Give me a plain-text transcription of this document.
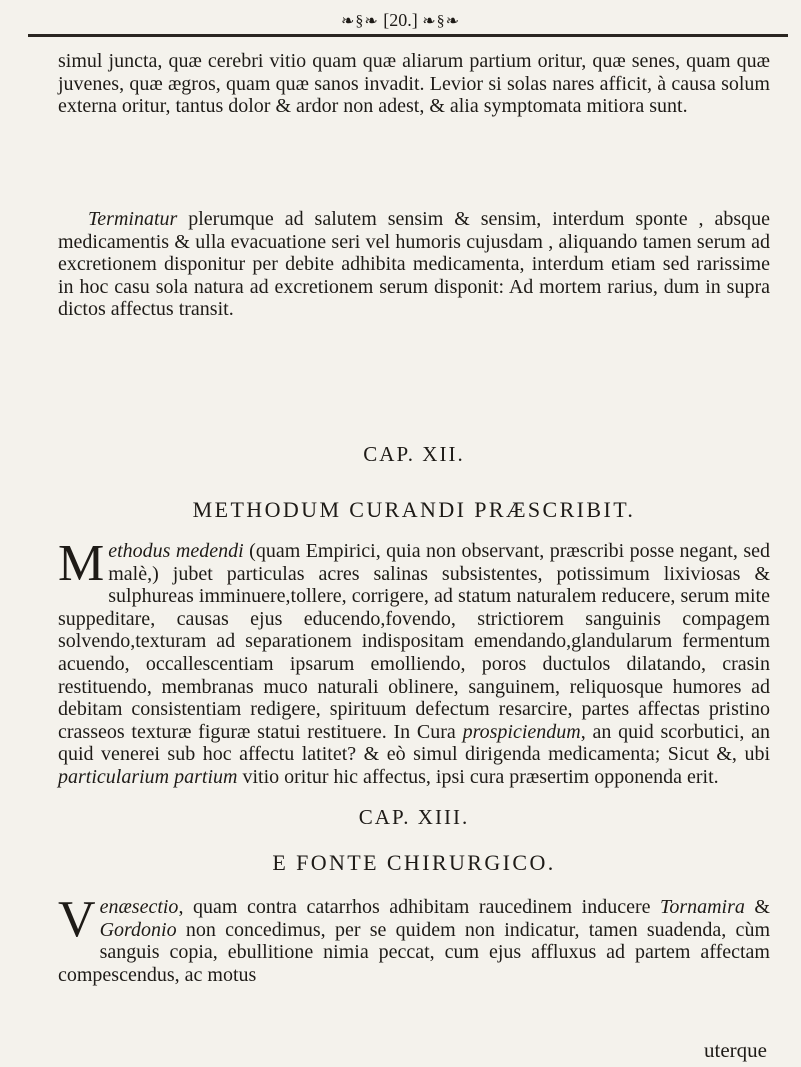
❧§❧ [20.] ❧§❧

simul juncta, quæ cerebri vitio quam quæ aliarum partium oritur, quæ senes, quam quæ juvenes, quæ ægros, quam quæ sanos invadit. Levior si solas nares afficit, à causa solum externa oritur, tantus dolor & ardor non adest, & alia symptomata mitiora sunt.

Terminatur plerumque ad salutem sensim & sensim, interdum sponte , absque medicamentis & ulla evacuatione seri vel humoris cujusdam , aliquando tamen serum ad excretionem disponitur per debite adhibita medicamenta, interdum etiam sed rarissime in hoc casu sola natura ad excretionem serum disponit: Ad mortem rarius, dum in supra dictos affectus transit.

CAP. XII.
METHODUM CURANDI PRÆSCRIBIT.

Methodus medendi (quam Empirici, quia non observant, præscribi posse negant, sed malè,) jubet particulas acres salinas subsistentes, potissimum lixiviosas & sulphureas imminuere,tollere, corrigere, ad statum naturalem reducere, serum mite suppeditare, causas ejus educendo,fovendo, strictiorem sanguinis compagem solvendo,texturam ad separationem indispositam emendando,glandularum fermentum acuendo, occallescentiam ipsarum emolliendo, poros ductulos dilatando, crasin restituendo, membranas muco naturali oblinere, sanguinem, reliquosque humores ad debitam consistentiam redigere, spirituum defectum resarcire, partes affectas pristino crasseos texturæ figuræ statui restituere. In Cura prospiciendum, an quid scorbutici, an quid venerei sub hoc affectu latitet? & eò simul dirigenda medicamenta; Sicut &, ubi particularium partium vitio oritur hic affectus, ipsi cura præsertim opponenda erit.

CAP. XIII.
E FONTE CHIRURGICO.

Venæsectio, quam contra catarrhos adhibitam raucedinem inducere Tornamira & Gordonio non concedimus, per se quidem non indicatur, tamen suadenda, cùm sanguis copia, ebullitione nimia peccat, cum ejus affluxus ad partem affectam compescendus, ac motus

uterque
